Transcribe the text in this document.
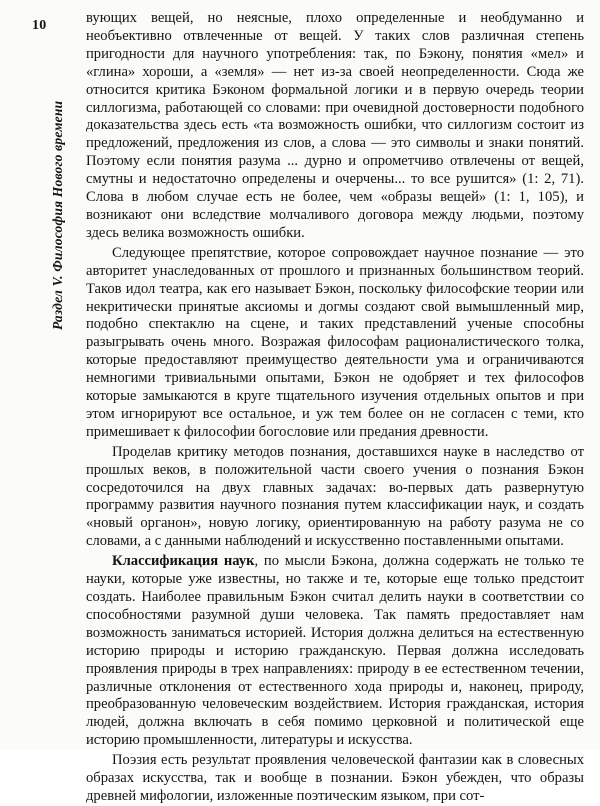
10
Раздел V. Философия Нового времени

вующих вещей, но неясные, плохо определенные и необдуманно и необъективно отвлеченные от вещей. У таких слов различная степень пригодности для научного употребления: так, по Бэкону, понятия «мел» и «глина» хороши, а «земля» — нет из-за своей неопределенности. Сюда же относится критика Бэконом формальной логики и в первую очередь теории силлогизма, работающей со словами: при очевидной достоверности подобного доказательства здесь есть «та возможность ошибки, что силлогизм состоит из предложений, предложения из слов, а слова — это символы и знаки понятий. Поэтому если понятия разума ... дурно и опрометчиво отвлечены от вещей, смутны и недостаточно определены и очерчены... то все рушится» (1: 2, 71). Слова в любом случае есть не более, чем «образы вещей» (1: 1, 105), и возникают они вследствие молчаливого договора между людьми, поэтому здесь велика возможность ошибки.

Следующее препятствие, которое сопровождает научное познание — это авторитет унаследованных от прошлого и признанных большинством теорий. Таков идол театра, как его называет Бэкон, поскольку философские теории или некритически принятые аксиомы и догмы создают свой вымышленный мир, подобно спектаклю на сцене, и таких представлений ученые способны разыгрывать очень много. Возражая философам рационалистического толка, которые предоставляют преимущество деятельности ума и ограничиваются немногими тривиальными опытами, Бэкон не одобряет и тех философов которые замыкаются в круге тщательного изучения отдельных опытов и при этом игнорируют все остальное, и уж тем более он не согласен с теми, кто примешивает к философии богословие или предания древности.

Проделав критику методов познания, доставшихся науке в наследство от прошлых веков, в положительной части своего учения о познания Бэкон сосредоточился на двух главных задачах: во-первых дать развернутую программу развития научного познания путем классификации наук, и создать «новый органон», новую логику, ориентированную на работу разума не со словами, а с данными наблюдений и искусственно поставленными опытами.

Классификация наук, по мысли Бэкона, должна содержать не только те науки, которые уже известны, но также и те, которые еще только предстоит создать. Наиболее правильным Бэкон считал делить науки в соответствии со способностями разумной души человека. Так память предоставляет нам возможность заниматься историей. История должна делиться на естественную историю природы и историю гражданскую. Первая должна исследовать проявления природы в трех направлениях: природу в ее естественном течении, различные отклонения от естественного хода природы и, наконец, природу, преобразованную человеческим воздействием. История гражданская, история людей, должна включать в себя помимо церковной и политической еще историю промышленности, литературы и искусства.

Поэзия есть результат проявления человеческой фантазии как в словесных образах искусства, так и вообще в познании. Бэкон убежден, что образы древней мифологии, изложенные поэтическим языком, при сот-
